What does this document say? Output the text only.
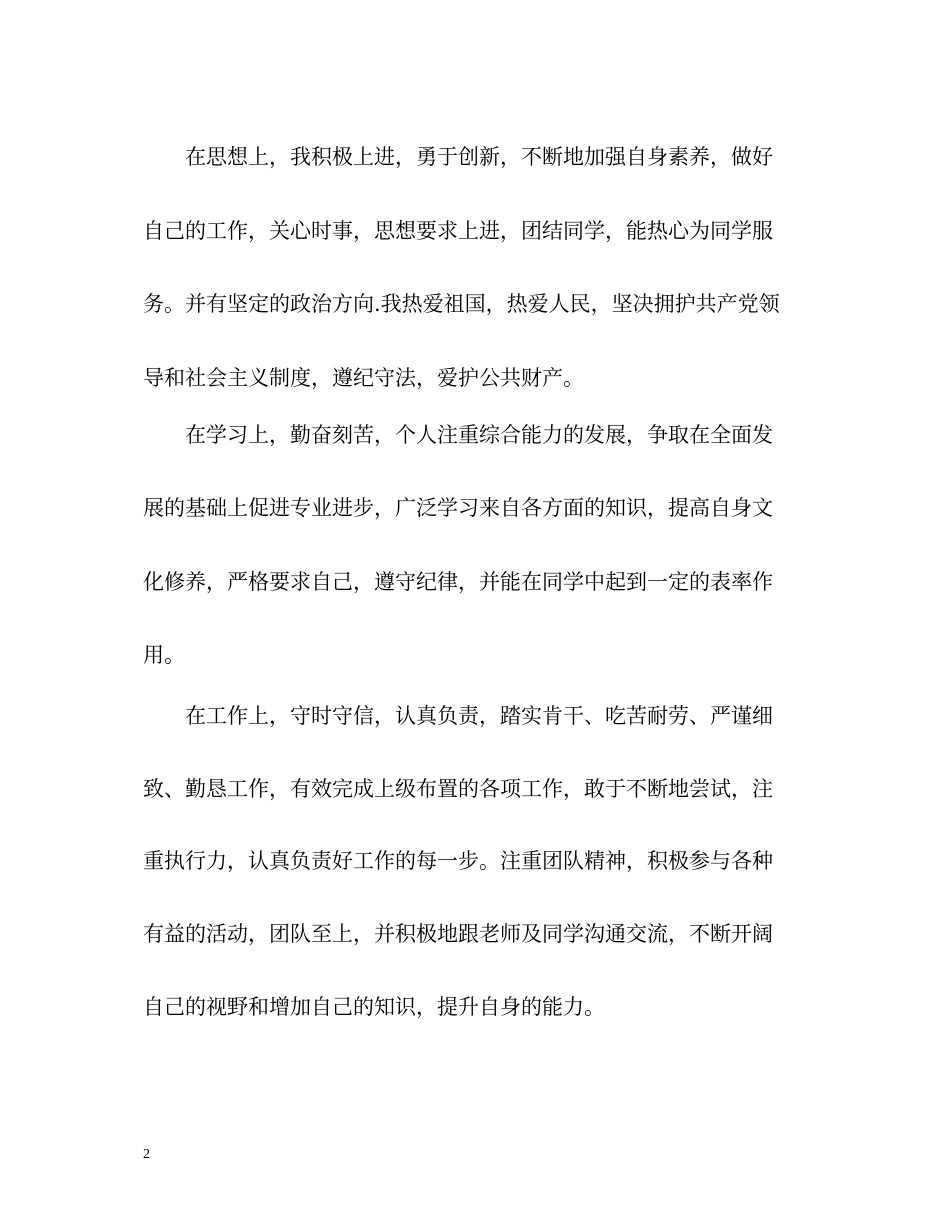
在思想上，我积极上进，勇于创新，不断地加强自身素养，做好
自己的工作，关心时事，思想要求上进，团结同学，能热心为同学服
务。并有坚定的政治方向.我热爱祖国，热爱人民，坚决拥护共产党领
导和社会主义制度，遵纪守法，爱护公共财产。
在学习上，勤奋刻苦，个人注重综合能力的发展，争取在全面发
展的基础上促进专业进步，广泛学习来自各方面的知识，提高自身文
化修养，严格要求自己，遵守纪律，并能在同学中起到一定的表率作
用。
在工作上，守时守信，认真负责，踏实肯干、吃苦耐劳、严谨细
致、勤恳工作，有效完成上级布置的各项工作，敢于不断地尝试，注
重执行力，认真负责好工作的每一步。注重团队精神，积极参与各种
有益的活动，团队至上，并积极地跟老师及同学沟通交流，不断开阔
自己的视野和增加自己的知识，提升自身的能力。
2
